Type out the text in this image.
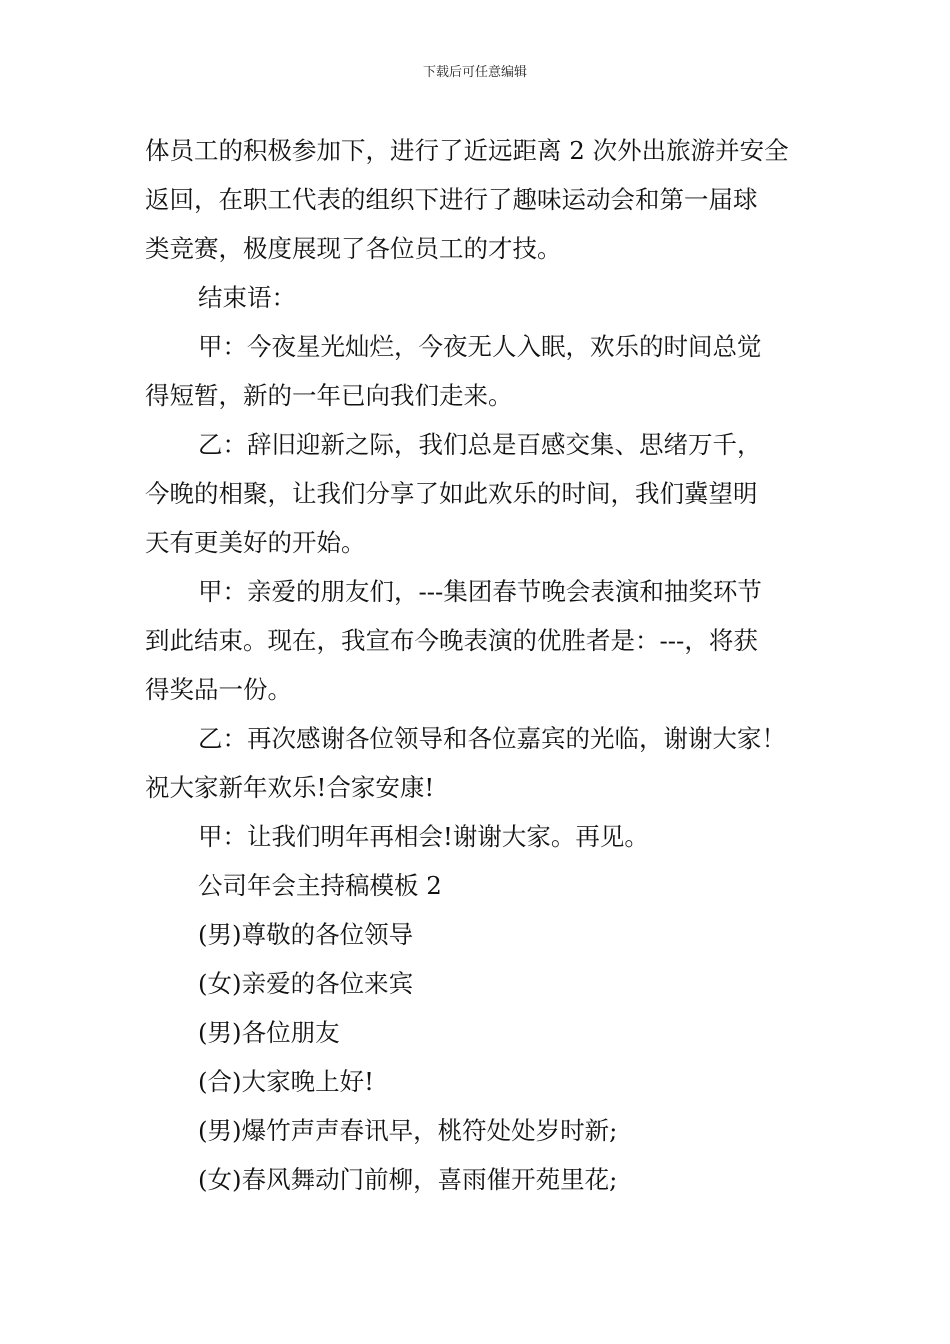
下载后可任意编辑
体员工的积极参加下，进行了近远距离 2 次外出旅游并安全
返回，在职工代表的组织下进行了趣味运动会和第一届球
类竞赛，极度展现了各位员工的才技。
结束语：
甲：今夜星光灿烂，今夜无人入眠，欢乐的时间总觉
得短暂，新的一年已向我们走来。
乙：辞旧迎新之际，我们总是百感交集、思绪万千，
今晚的相聚，让我们分享了如此欢乐的时间，我们冀望明
天有更美好的开始。
甲：亲爱的朋友们，---集团春节晚会表演和抽奖环节
到此结束。现在，我宣布今晚表演的优胜者是：---，将获
得奖品一份。
乙：再次感谢各位领导和各位嘉宾的光临，谢谢大家！
祝大家新年欢乐!合家安康!
甲：让我们明年再相会!谢谢大家。再见。
公司年会主持稿模板 2
(男)尊敬的各位领导
(女)亲爱的各位来宾
(男)各位朋友
(合)大家晚上好!
(男)爆竹声声春讯早，桃符处处岁时新;
(女)春风舞动门前柳，喜雨催开苑里花;
